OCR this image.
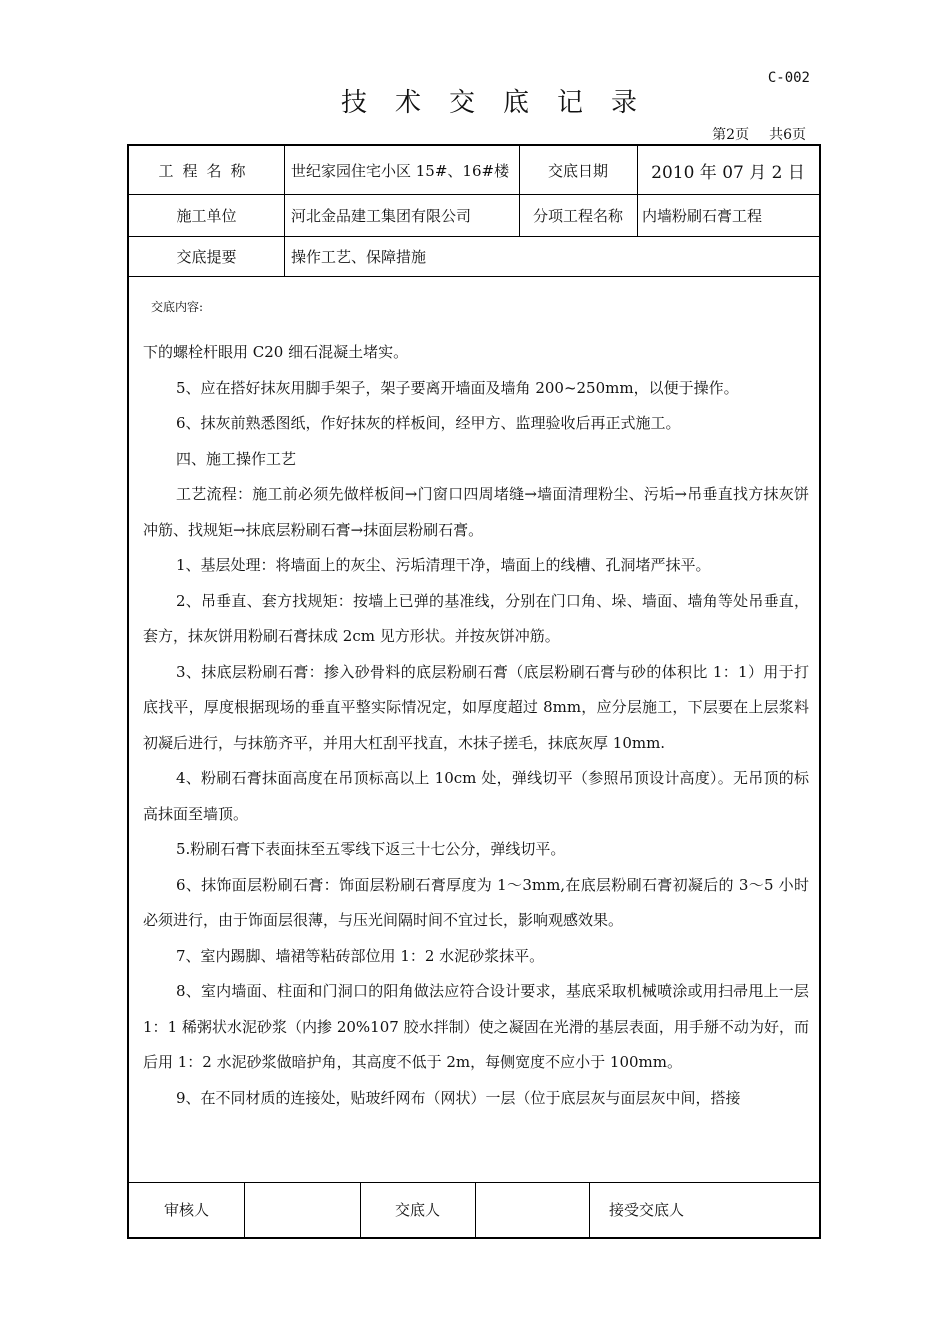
C-002
技术交底记录
第2页 共6页
工程名称	世纪家园住宅小区 15#、16#楼	交底日期	2010 年 07 月 2 日
施工单位	河北金品建工集团有限公司	分项工程名称	内墙粉刷石膏工程
交底提要	操作工艺、保障措施
交底内容:

下的螺栓杆眼用 C20 细石混凝土堵实。

5、应在搭好抹灰用脚手架子，架子要离开墙面及墙角 200~250mm，以便于操作。

6、抹灰前熟悉图纸，作好抹灰的样板间，经甲方、监理验收后再正式施工。

四、施工操作工艺

工艺流程：施工前必须先做样板间→门窗口四周堵缝→墙面清理粉尘、污垢→吊垂直找方抹灰饼冲筋、找规矩→抹底层粉刷石膏→抹面层粉刷石膏。

1、基层处理：将墙面上的灰尘、污垢清理干净，墙面上的线槽、孔洞堵严抹平。

2、吊垂直、套方找规矩：按墙上已弹的基准线，分别在门口角、垛、墙面、墙角等处吊垂直，套方，抹灰饼用粉刷石膏抹成 2cm 见方形状。并按灰饼冲筋。

3、抹底层粉刷石膏：掺入砂骨料的底层粉刷石膏（底层粉刷石膏与砂的体积比 1：1）用于打底找平，厚度根据现场的垂直平整实际情况定，如厚度超过 8mm，应分层施工，下层要在上层浆料初凝后进行，与抹筋齐平，并用大杠刮平找直，木抹子搓毛，抹底灰厚 10mm.

4、粉刷石膏抹面高度在吊顶标高以上 10cm 处，弹线切平（参照吊顶设计高度）。无吊顶的标高抹面至墙顶。

5.粉刷石膏下表面抹至五零线下返三十七公分，弹线切平。

6、抹饰面层粉刷石膏：饰面层粉刷石膏厚度为 1～3mm,在底层粉刷石膏初凝后的 3～5 小时必须进行，由于饰面层很薄，与压光间隔时间不宜过长，影响观感效果。

7、室内踢脚、墙裙等粘砖部位用 1：2 水泥砂浆抹平。

8、室内墙面、柱面和门洞口的阳角做法应符合设计要求，基底采取机械喷涂或用扫帚甩上一层 1：1 稀粥状水泥砂浆（内掺 20%107 胶水拌制）使之凝固在光滑的基层表面，用手掰不动为好，而后用 1：2 水泥砂浆做暗护角，其高度不低于 2m，每侧宽度不应小于 100mm。

9、在不同材质的连接处，贴玻纤网布（网状）一层（位于底层灰与面层灰中间，搭接

审核人	交底人	接受交底人
